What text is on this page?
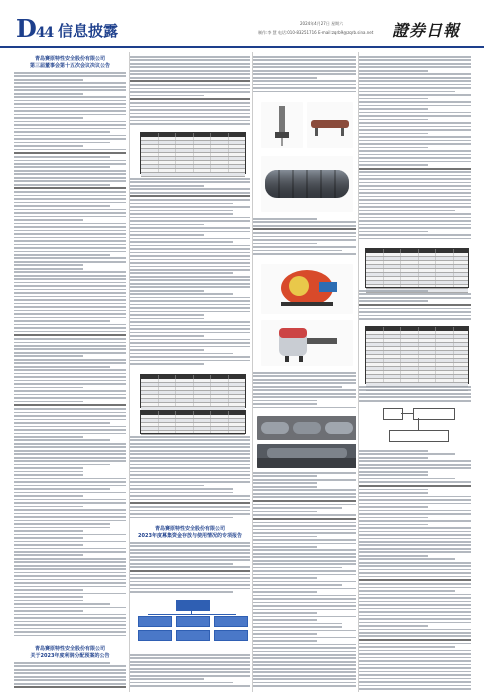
D44 信息披露	2024年4月27日 星期六
制作:李 慧 电话:010-83251716 E-mail:zqrb9@zqrb.sina.net 證券日報
青岛赛原特性安全股份有限公司
第三届董事会第十五次会议决议公告
青岛赛原特性安全股份有限公司
关于2023年度利润分配预案的公告
青岛赛原特性安全股份有限公司
2023年度募集资金存放与使用情况的专项报告
